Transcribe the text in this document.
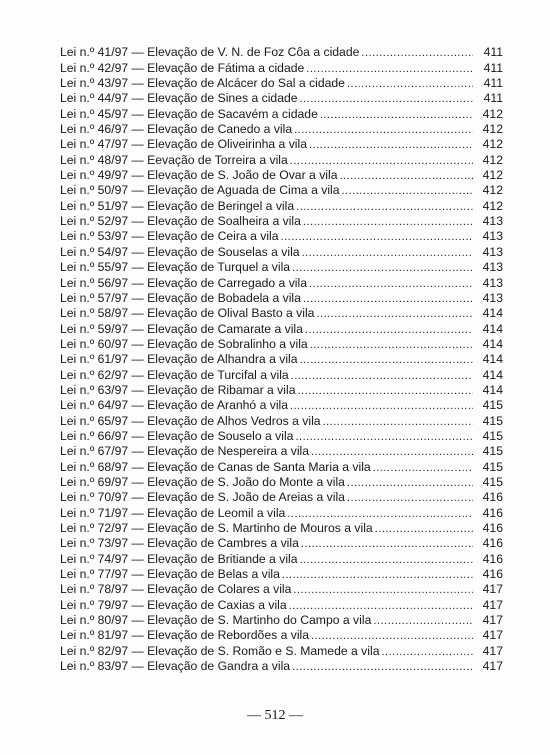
Lei n.º 41/97 — Elevação de V. N. de Foz Côa a cidade .....	411
Lei n.º 42/97 — Elevação de Fátima a cidade .....	411
Lei n.º 43/97 — Elevação de Alcácer do Sal a cidade .....	411
Lei n.º 44/97 — Elevação de Sines a cidade .....	411
Lei n.º 45/97 — Elevação de Sacavém a cidade .....	412
Lei n.º 46/97 — Elevação de Canedo a vila .....	412
Lei n.º 47/97 — Elevação de Oliveirinha a vila .....	412
Lei n.º 48/97 — Eevação de Torreira a vila .....	412
Lei n.º 49/97 — Elevação de S. João de Ovar a vila .....	412
Lei n.º 50/97 — Elevação de Aguada de Cima a vila .....	412
Lei n.º 51/97 — Elevação de Beringel a vila .....	412
Lei n.º 52/97 — Elevação de Soalheira a vila .....	413
Lei n.º 53/97 — Elevação de Ceira a vila .....	413
Lei n.º 54/97 — Elevação de Souselas a vila .....	413
Lei n.º 55/97 — Elevação de Turquel a vila .....	413
Lei n.º 56/97 — Elevação de Carregado a vila .....	413
Lei n.º 57/97 — Elevação de Bobadela a vila .....	413
Lei n.º 58/97 — Elevação de Olival Basto a vila .....	414
Lei n.º 59/97 — Elevação de Camarate a vila .....	414
Lei n.º 60/97 — Elevação de Sobralinho a vila .....	414
Lei n.º 61/97 — Elevação de Alhandra a vila .....	414
Lei n.º 62/97 — Elevação de Turcifal a vila .....	414
Lei n.º 63/97 — Elevação de Ribamar a vila .....	414
Lei n.º 64/97 — Elevação de Aranhó a vila .....	415
Lei n.º 65/97 — Elevação de Alhos Vedros a vila .....	415
Lei n.º 66/97 — Elevação de Souselo a vila .....	415
Lei n.º 67/97 — Elevação de Nespereira a vila .....	415
Lei n.º 68/97 — Elevação de Canas de Santa Maria a vila .....	415
Lei n.º 69/97 — Elevação de S. João do Monte a vila .....	415
Lei n.º 70/97 — Elevação de S. João de Areias a vila .....	416
Lei n.º 71/97 — Elevação de Leomil a vila .....	416
Lei n.º 72/97 — Elevação de S. Martinho de Mouros a vila .....	416
Lei n.º 73/97 — Elevação de Cambres a vila .....	416
Lei n.º 74/97 — Elevação de Britiande a vila .....	416
Lei n.º 77/97 — Elevação de Belas a vila .....	416
Lei n.º 78/97 — Elevação de Colares a vila .....	417
Lei n.º 79/97 — Elevação de Caxias a vila .....	417
Lei n.º 80/97 — Elevação de S. Martinho do Campo a vila .....	417
Lei n.º 81/97 — Elevação de Rebordões a vila .....	417
Lei n.º 82/97 — Elevação de S. Romão e S. Mamede a vila .....	417
Lei n.º 83/97 — Elevação de Gandra a vila .....	417
— 512 —
